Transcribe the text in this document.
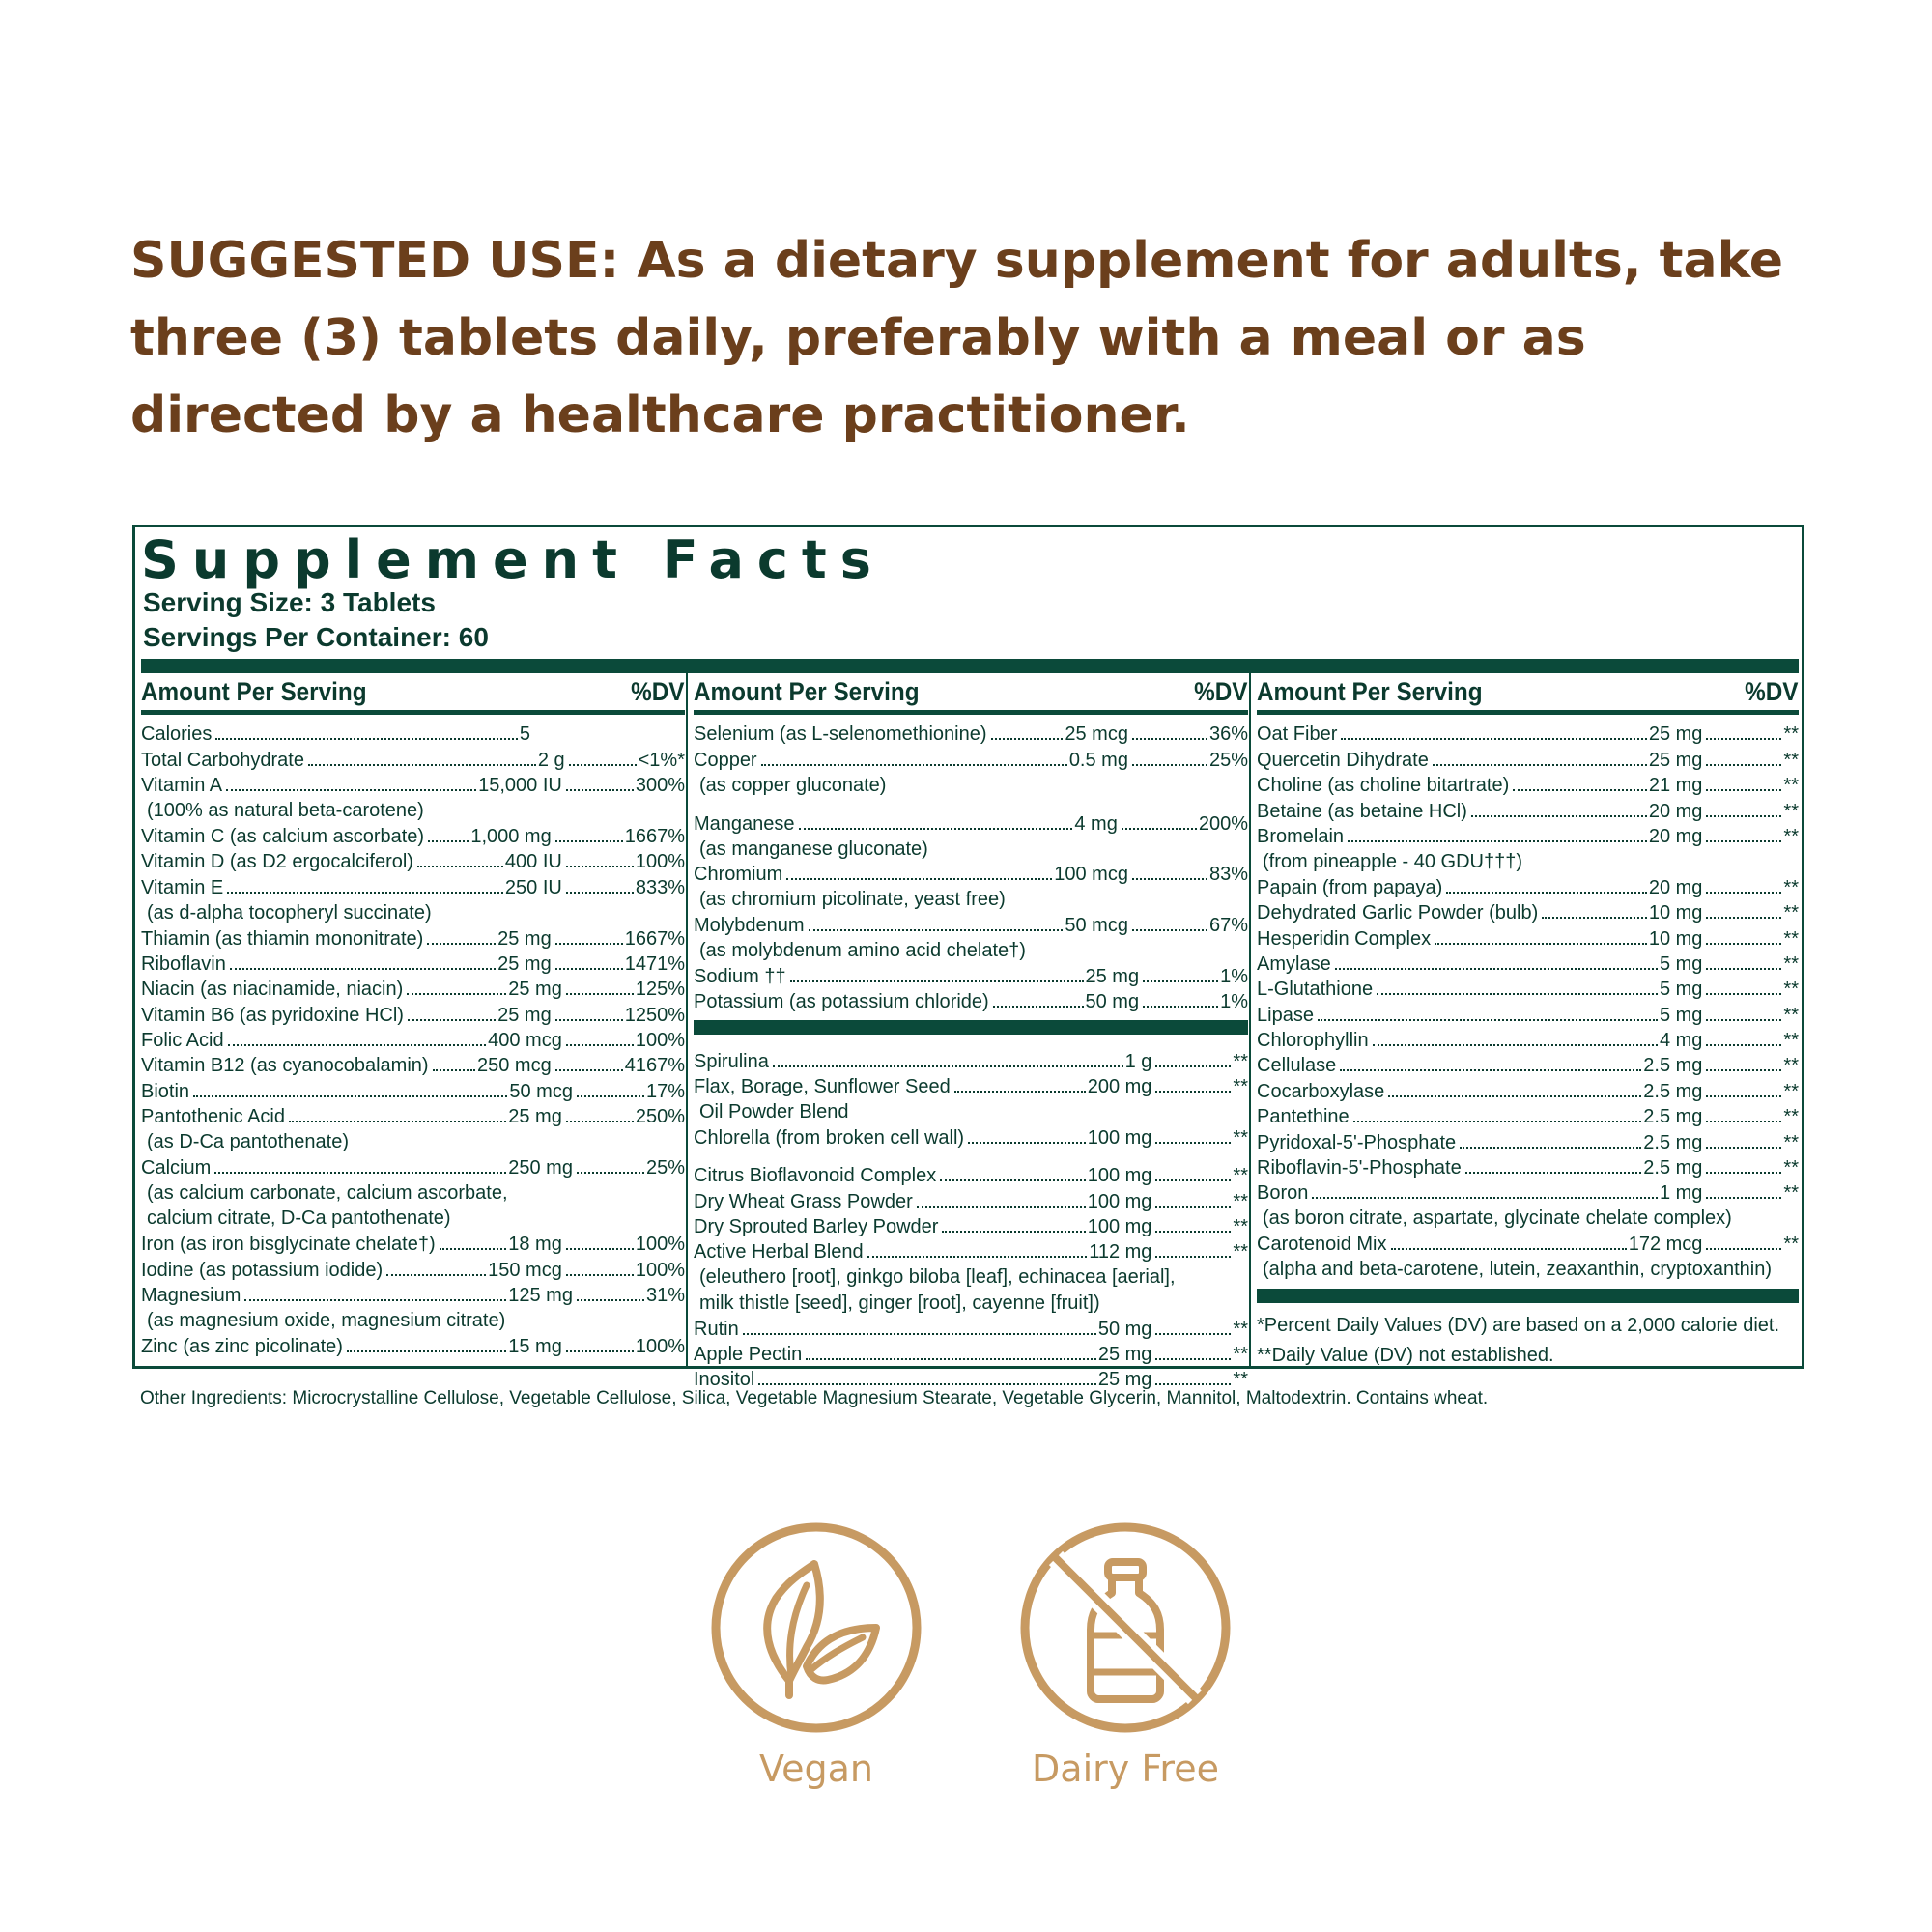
SUGGESTED USE: As a dietary supplement for adults, take three (3) tablets daily, preferably with a meal or as directed by a healthcare practitioner.
Supplement Facts
Serving Size: 3 Tablets
Servings Per Container: 60
Amount Per Serving	%DV
Calories	5
Total Carbohydrate	2 g	<1%*
Vitamin A	15,000 IU	300%
(100% as natural beta-carotene)
Vitamin C (as calcium ascorbate) 1,000 mg	1667%
Vitamin D (as D2 ergocalciferol)	400 IU	100%
Vitamin E	250 IU	833%
(as d-alpha tocopheryl succinate)
Thiamin (as thiamin mononitrate)	25 mg	1667%
Riboflavin	25 mg	1471%
Niacin (as niacinamide, niacin)	25 mg	125%
Vitamin B6 (as pyridoxine HCl)	25 mg	1250%
Folic Acid	400 mcg	100%
Vitamin B12 (as cyanocobalamin)	250 mcg	4167%
Biotin	50 mcg	17%
Pantothenic Acid	25 mg	250%
(as D-Ca pantothenate)
Calcium	250 mg	25%
(as calcium carbonate, calcium ascorbate,
calcium citrate, D-Ca pantothenate)
Iron (as iron bisglycinate chelate†)	18 mg	100%
Iodine (as potassium iodide)	150 mcg	100%
Magnesium	125 mg	31%
(as magnesium oxide, magnesium citrate)
Zinc (as zinc picolinate)	15 mg	100%
Amount Per Serving	%DV
Selenium (as L-selenomethionine)	25 mcg	36%
Copper	0.5 mg	25%
(as copper gluconate)
Manganese	4 mg	200%
(as manganese gluconate)
Chromium	100 mcg	83%
(as chromium picolinate, yeast free)
Molybdenum	50 mcg	67%
(as molybdenum amino acid chelate†)
Sodium ††	25 mg	1%
Potassium (as potassium chloride)	50 mg	1%
Spirulina	1 g	**
Flax, Borage, Sunflower Seed	200 mg	**
Oil Powder Blend
Chlorella (from broken cell wall)	100 mg	**
Citrus Bioflavonoid Complex	100 mg	**
Dry Wheat Grass Powder	100 mg	**
Dry Sprouted Barley Powder	100 mg	**
Active Herbal Blend	112 mg	**
(eleuthero [root], ginkgo biloba [leaf], echinacea [aerial],
milk thistle [seed], ginger [root], cayenne [fruit])
Rutin	50 mg	**
Apple Pectin	25 mg	**
Inositol	25 mg	**
Amount Per Serving	%DV
Oat Fiber	25 mg	**
Quercetin Dihydrate	25 mg	**
Choline (as choline bitartrate)	21 mg	**
Betaine (as betaine HCl)	20 mg	**
Bromelain	20 mg	**
(from pineapple - 40 GDU†††)
Papain (from papaya)	20 mg	**
Dehydrated Garlic Powder (bulb)	10 mg	**
Hesperidin Complex	10 mg	**
Amylase	5 mg	**
L-Glutathione	5 mg	**
Lipase	5 mg	**
Chlorophyllin	4 mg	**
Cellulase	2.5 mg	**
Cocarboxylase	2.5 mg	**
Pantethine	2.5 mg	**
Pyridoxal-5'-Phosphate	2.5 mg	**
Riboflavin-5'-Phosphate	2.5 mg	**
Boron	1 mg	**
(as boron citrate, aspartate, glycinate chelate complex)
Carotenoid Mix	172 mcg	**
(alpha and beta-carotene, lutein, zeaxanthin, cryptoxanthin)
*Percent Daily Values (DV) are based on a 2,000 calorie diet.
**Daily Value (DV) not established.
Other Ingredients: Microcrystalline Cellulose, Vegetable Cellulose, Silica, Vegetable Magnesium Stearate, Vegetable Glycerin, Mannitol, Maltodextrin. Contains wheat.
Vegan	Dairy Free
